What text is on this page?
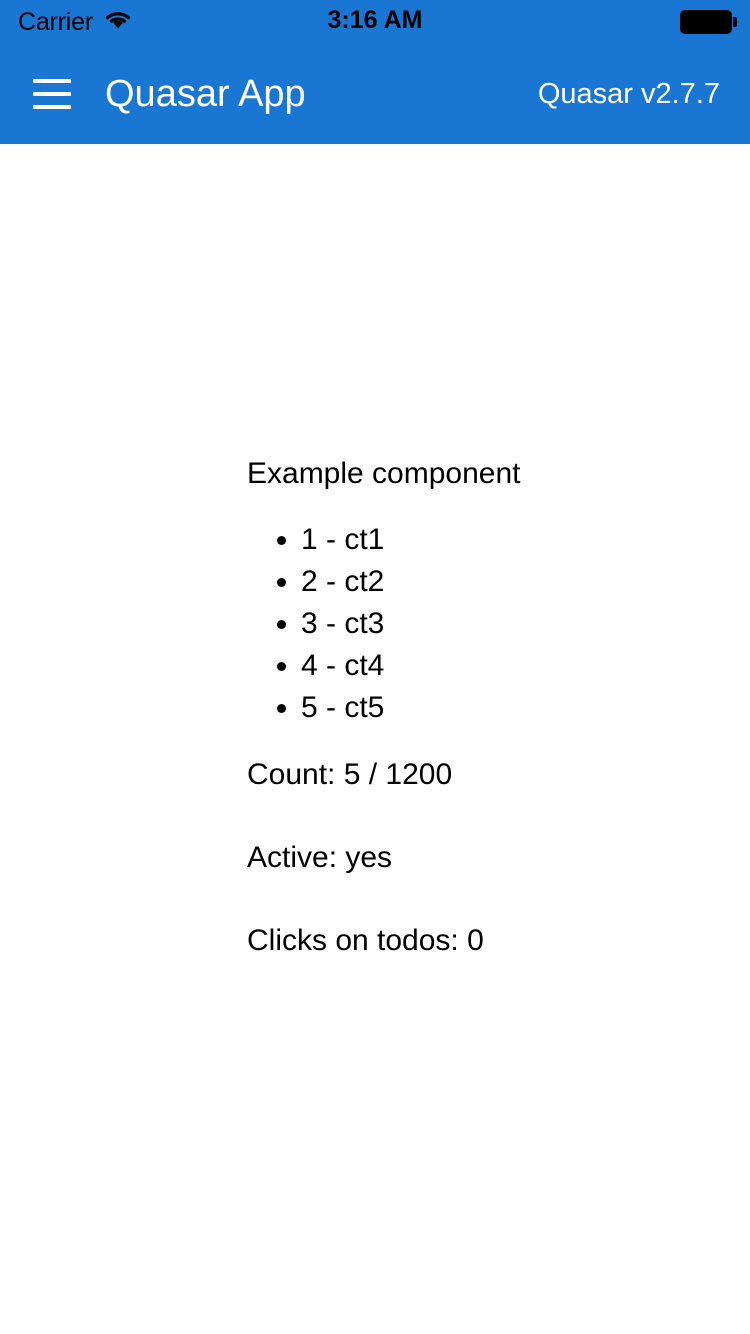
Carrier	3:16 AM
Quasar App	Quasar v2.7.7
Example component
• 1 - ct1
• 2 - ct2
• 3 - ct3
• 4 - ct4
• 5 - ct5
Count: 5 / 1200
Active: yes
Clicks on todos: 0
